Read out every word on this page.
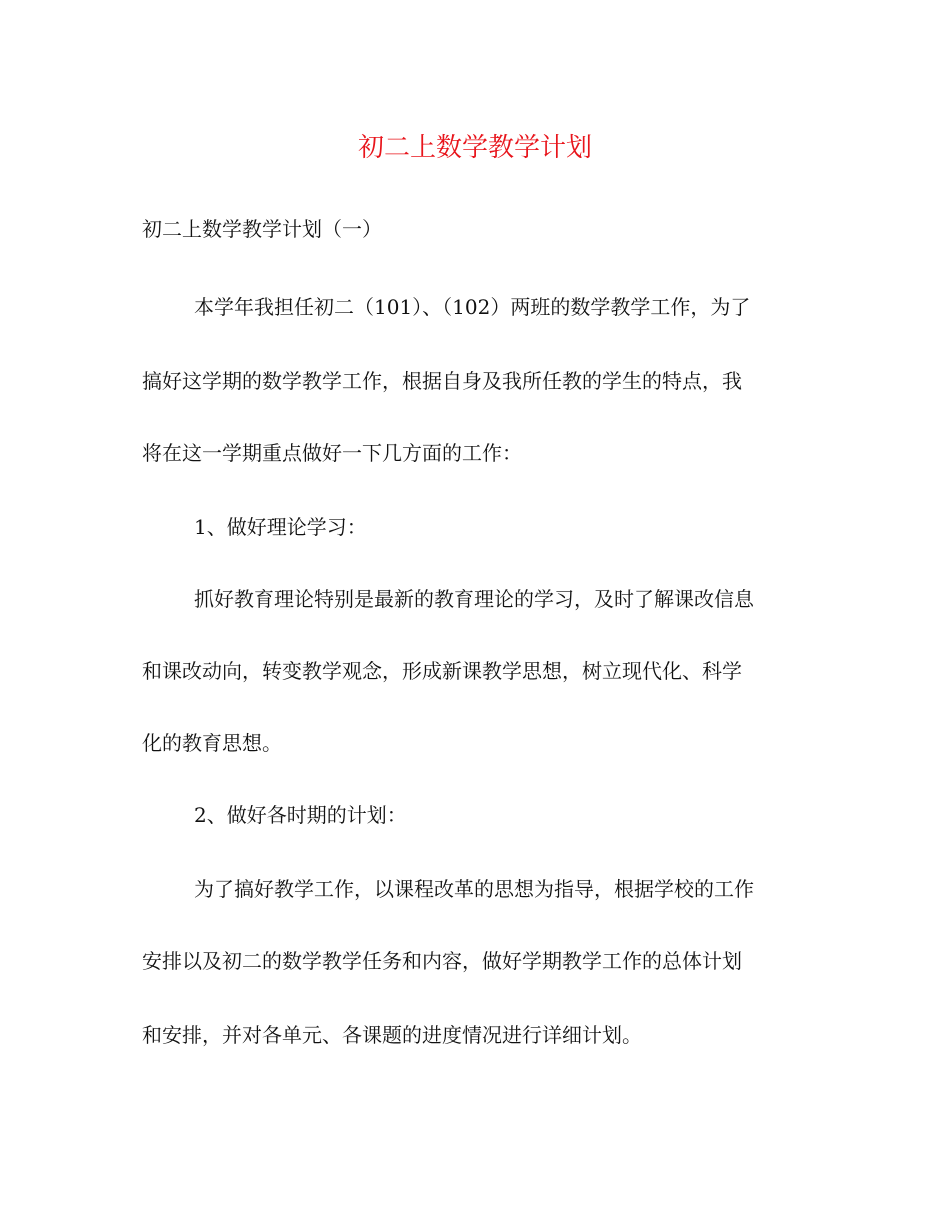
初二上数学教学计划
初二上数学教学计划（一）
本学年我担任初二（101）、（102）两班的数学教学工作，为了
搞好这学期的数学教学工作，根据自身及我所任教的学生的特点，我
将在这一学期重点做好一下几方面的工作：
1、做好理论学习：
抓好教育理论特别是最新的教育理论的学习，及时了解课改信息
和课改动向，转变教学观念，形成新课教学思想，树立现代化、科学
化的教育思想。
2、做好各时期的计划：
为了搞好教学工作，以课程改革的思想为指导，根据学校的工作
安排以及初二的数学教学任务和内容，做好学期教学工作的总体计划
和安排，并对各单元、各课题的进度情况进行详细计划。
